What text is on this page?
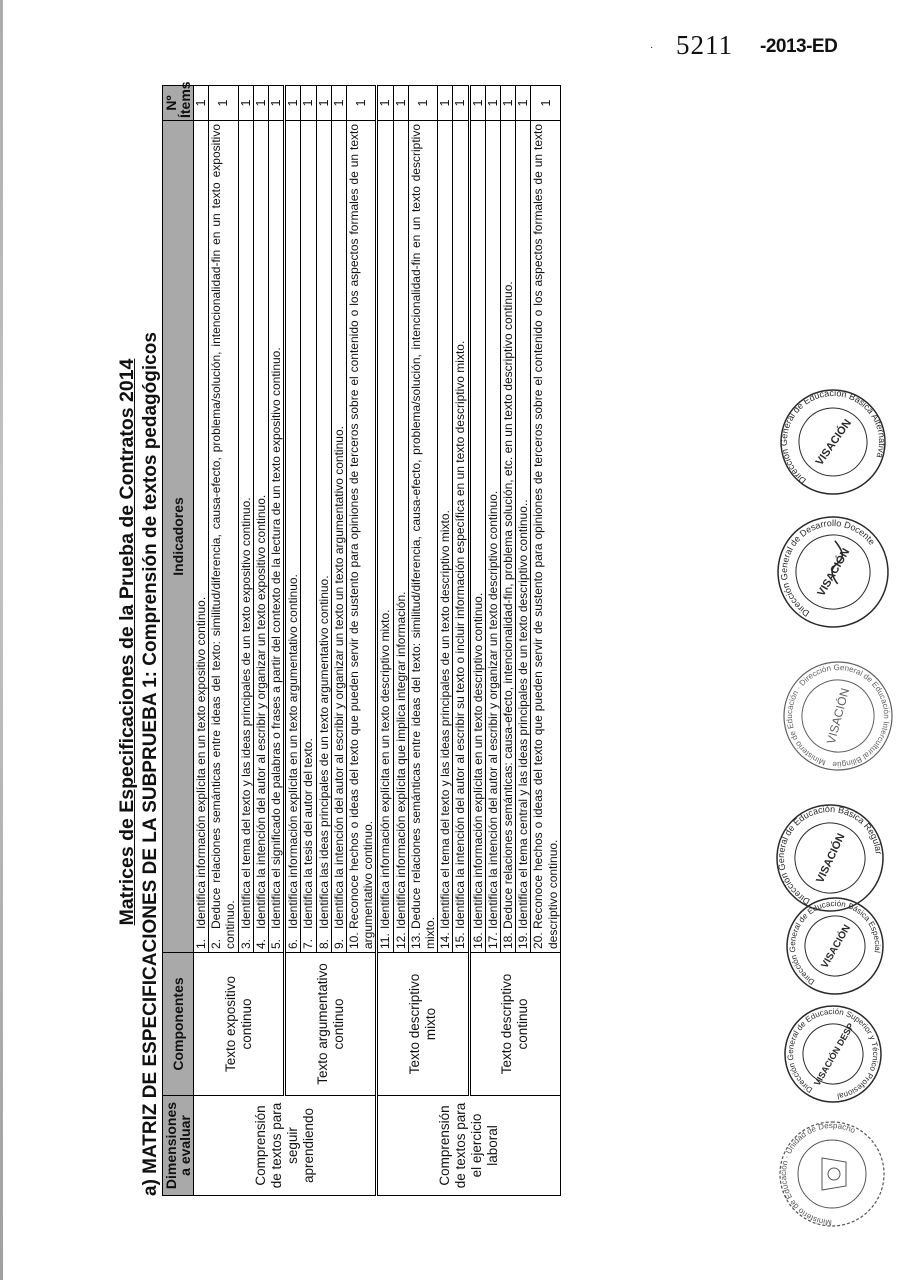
· 5211 -2013-ED
Matrices de Especificaciones de la Prueba de Contratos 2014 a) MATRIZ DE ESPECIFICACIONES DE LA SUBPRUEBA 1: Comprensión de textos pedagógicos Dimensiones a evaluar	Componentes	Indicadores	Nº Ítems
Comprensión de textos para seguir aprendiendo	Texto expositivo continuo	1.Identifica información explícita en un texto expositivo continuo.	1
		2.Deduce relaciones semánticas entre ideas del texto: similitud/diferencia, causa-efecto, problema/solución, intencionalidad-fin en un texto expositivo continuo.	1
		3.Identifica el tema del texto y las ideas principales de un texto expositivo continuo.	1
		4.Identifica la intención del autor al escribir y organizar un texto expositivo continuo.	1
		5.Identifica el significado de palabras o frases a partir del contexto de la lectura de un texto expositivo continuo.	1
	Texto argumentativo continuo	6.Identifica información explícita en un texto argumentativo continuo.	1
		7.Identifica la tesis del autor del texto.	1
		8.Identifica las ideas principales de un texto argumentativo continuo.	1
		9.Identifica la intención del autor al escribir y organizar un texto un texto argumentativo continuo.	1
		10.Reconoce hechos o ideas del texto que pueden servir de sustento para opiniones de terceros sobre el contenido o los aspectos formales de un texto argumentativo continuo.	1
Comprensión de textos para el ejercicio laboral	Texto descriptivo mixto	11.Identifica información explícita en un texto descriptivo mixto.	1
		12.Identifica información explícita que implica integrar información.	1
		13.Deduce relaciones semánticas entre ideas del texto: similitud/diferencia, causa-efecto, problema/solución, intencionalidad-fin en un texto descriptivo mixto.	1
		14.Identifica el tema del texto y las ideas principales de un texto descriptivo mixto.	1
		15.Identifica la intención del autor al escribir su texto o incluir información específica en un texto descriptivo mixto.	1
	Texto descriptivo continuo	16.Identifica información explícita en un texto descriptivo continuo.	1
		17.Identifica la intención del autor al escribir y organizar un texto descriptivo continuo.	1
		18.Deduce relaciones semánticas: causa-efecto, intencionalidad-fin, problema solución, etc. en un texto descriptivo continuo.	1
		19.Identifica el tema central y las ideas principales de un texto descriptivo continuo..	1
		20.Reconoce hechos o ideas del texto que pueden servir de sustento para opiniones de terceros sobre el contenido o los aspectos formales de un texto descriptivo continuo.	1
Dirección General de Educación Básica Alternativa
VISACIÓN
Dirección General de Desarrollo Docente
VISACIÓN
Ministerio de Educación · Dirección General de Educación Intercultural Bilingüe
VISACIÓN
Dirección General de Educación Básica Regular
VISACIÓN
Dirección General de Educación Básica Especial
VISACIÓN
Dirección General de Educación Superior y Técnico Profesional
VISACIÓN DESP
Ministerio de Educación · Unidad de Despacho
